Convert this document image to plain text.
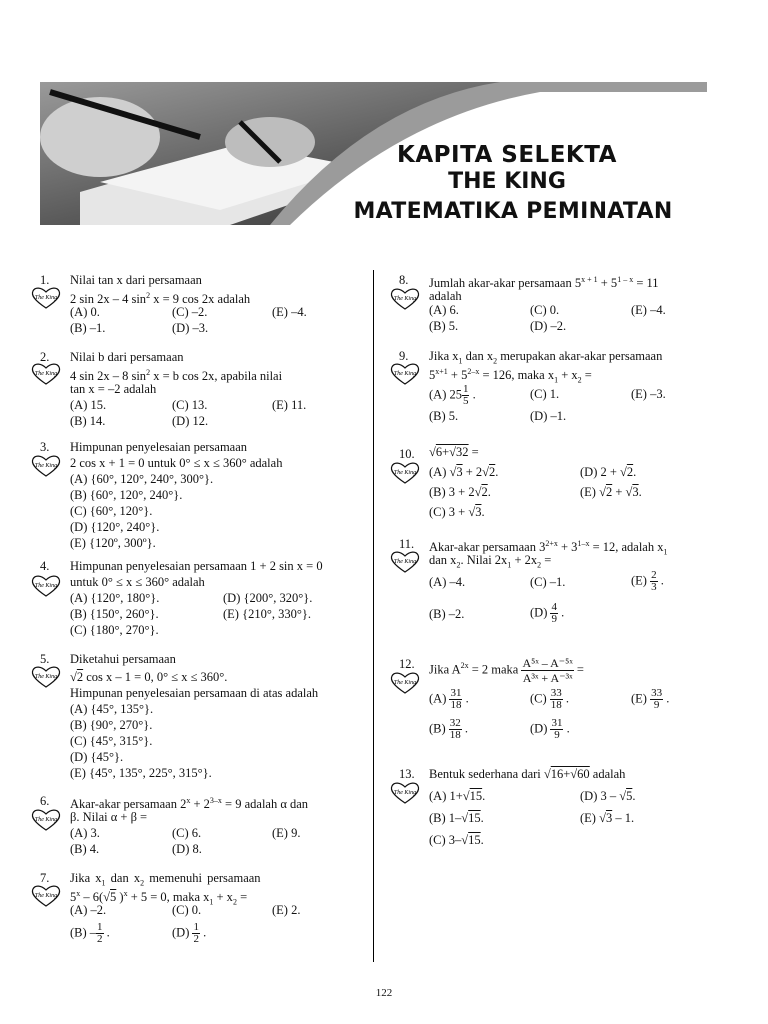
KAPITA SELEKTA
THE KING
MATEMATIKA PEMINATAN
1. Nilai tan x dari persamaan
2 sin 2x – 4 $\sin^2 x = 9$ cos 2x adalah
(A) 0.	(C) –2.	(E) –4.
(B) –1.	(D) –3.
The King
2. Nilai b dari persamaan
4 sin 2x – 8 $\sin^2 x = b$ cos 2x, apabila nilai
tan x = –2 adalah
(A) 15.	(C) 13.	(E) 11.
(B) 14.	(D) 12.
The King
3. Himpunan penyelesaian persamaan
2 cos x + 1 = 0 untuk 0° ≤ x ≤ 360° adalah
(A) {60°, 120°, 240°, 300°}.
(B) {60°, 120°, 240°}.
(C) {60°, 120°}.
(D) {120°, 240°}.
(E) {120º, 300º}.
The King
4. Himpunan penyelesaian persamaan 1 + 2 sin x = 0
untuk 0° ≤ x ≤ 360° adalah
(A) {120°, 180°}.	(D) {200°, 320°}.
(B) {150°, 260°}.	(E) {210°, 330°}.
(C) {180°, 270°}.
The King
5. Diketahui persamaan
√2 cos x – 1 = 0, 0° ≤ x ≤ 360°.
Himpunan penyelesaian persamaan di atas adalah
(A) {45°, 135°}.
(B) {90°, 270°}.
(C) {45°, 315°}.
(D) {45°}.
(E) {45°, 135°, 225°, 315°}.
The King
6. Akar-akar persamaan $2^x + 2^{3-x} = 9$ adalah α dan
β. Nilai α + β =
(A) 3.	(C) 6.	(E) 9.
(B) 4.	(D) 8.
The King
7. Jika $x_1$ dan $x_2$ memenuhi persamaan
5$^x$ – 6(√5 )$^x$ + 5 = 0, maka $x_1 + x_2$ =
(A) –2.	(C) 0.	(E) 2.
$(B) - \frac{1}{2}$ .	$(D) \frac{1}{2}$ .
The King
8. Jumlah akar-akar persamaan $5^{x + 1} + 5^{1 - x} = 11$
adalah
(A) 6.	(C) 0.	(E) –4.
(B) 5.	(D) –2.
The King
9. Jika $x_1$ dan $x_2$ merupakan akar-akar persamaan
$5^{x+1} + 5^{2-x} = 126$, maka $x_1 + x_2$ =
(A) $25 \frac{1}{5}$ .	(C) 1.	(E) –3.
(B) 5.	(D) –1.
The King
10. √6+√32 =
(A) √3 + 2√2.	(D) 2 + √2.
(B) 3 + 2√2.	(E) √2 + √3.
(C) 3 + √3.
The King
11. Akar-akar persamaan $3^{2+x} + 3^{1-x} = 12$, adalah $x_1$
dan $x_2$. Nilai $2x_1 + 2x_2$ =
(A) –4.	(C) –1.	$(E) \frac{2}{3}$ .
(B) –2.	$(D) \frac{4}{9}$ .
The King
12. Jika $A^{2x} = 2$ maka $\frac{\text{A⁵ˣ – A⁻⁵ˣ}}{\text{A³ˣ + A⁻³ˣ}}$ =
$(A) \frac{31}{18}$ .	$(C) \frac{33}{18}$ .	$(E) \frac{33}{9}$ .
$(B) \frac{32}{18}$ .	$(D) \frac{31}{9}$ .
The King
13. Bentuk sederhana dari √16+√60 adalah
(A) 1+√15.	(D) 3 – √5.
(B) 1–√15.	(E) √3 – 1.
(C) 3–√15.
The King
122
